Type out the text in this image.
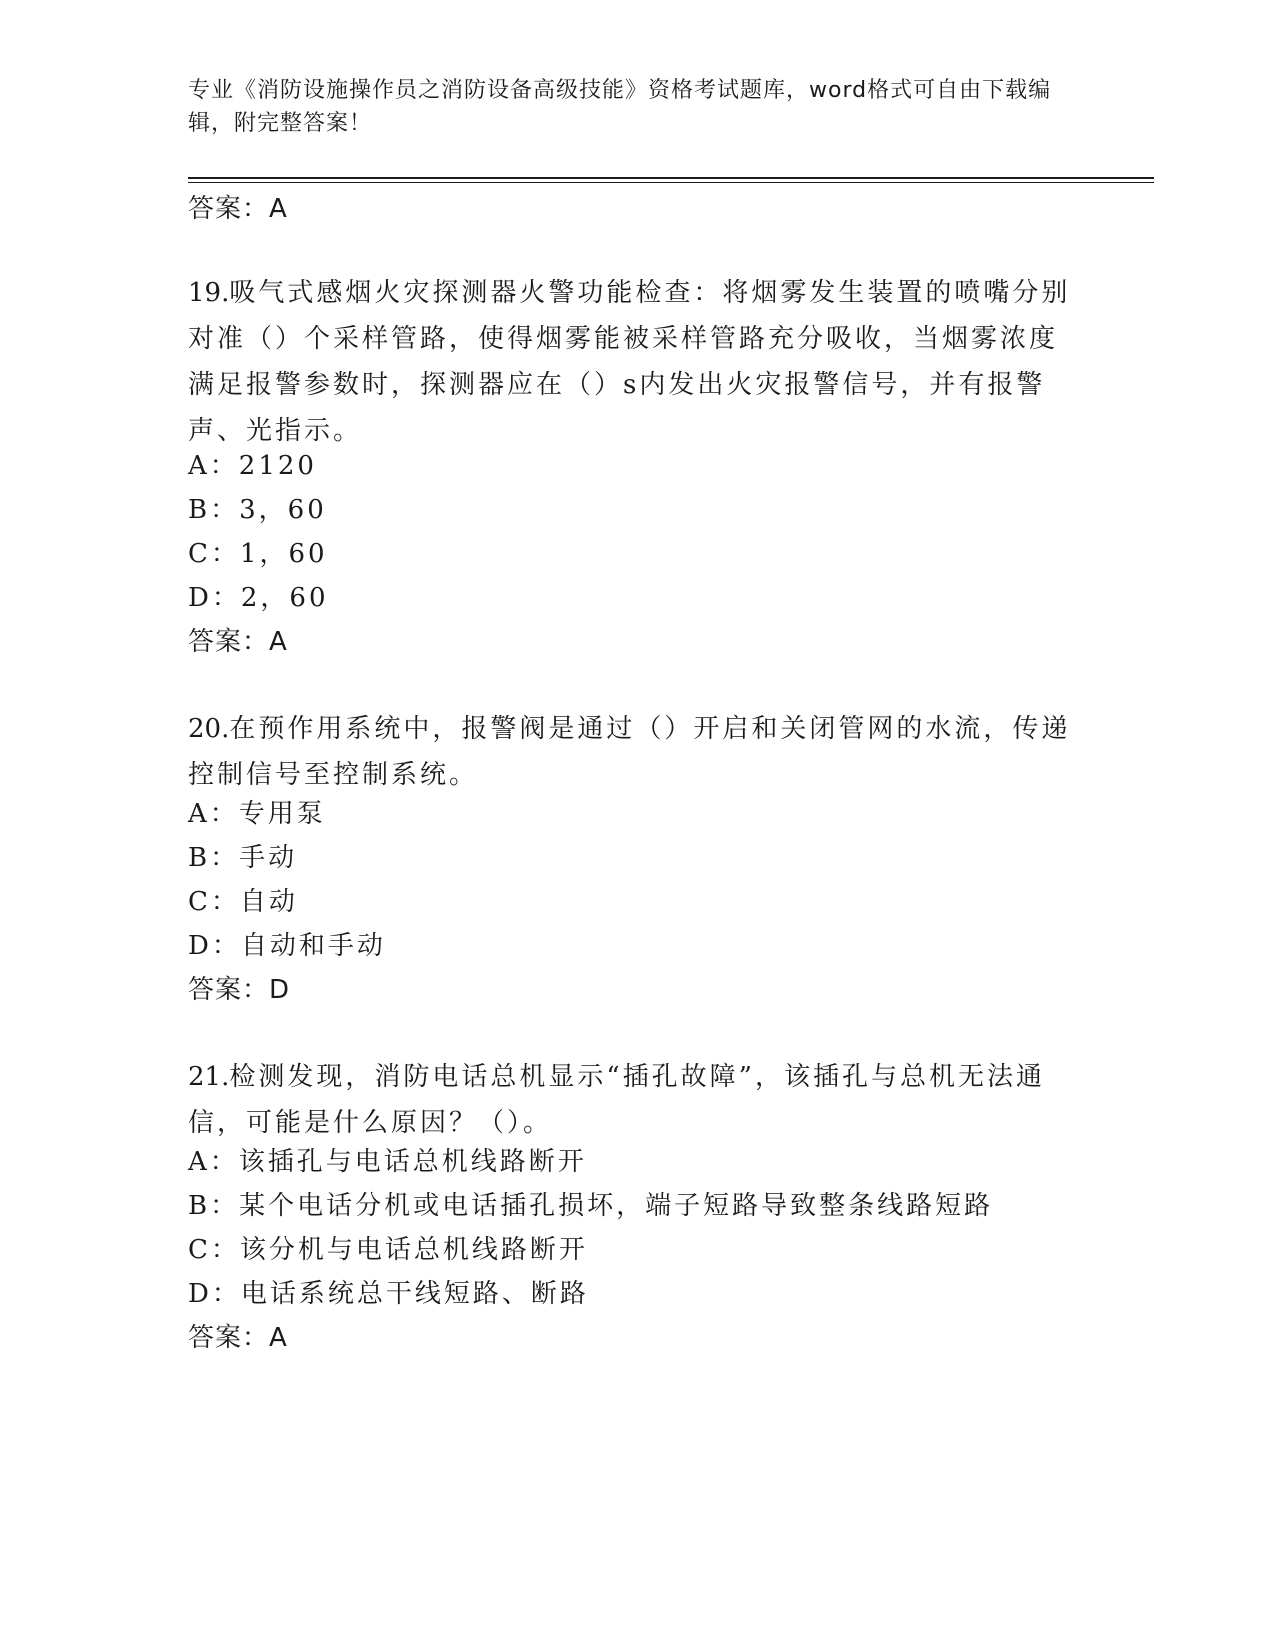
专业《消防设施操作员之消防设备高级技能》资格考试题库，word格式可自由下载编辑，附完整答案！
答案：A
19.吸气式感烟火灾探测器火警功能检查：将烟雾发生装置的喷嘴分别对准（）个采样管路，使得烟雾能被采样管路充分吸收，当烟雾浓度满足报警参数时，探测器应在（）s内发出火灾报警信号，并有报警声、光指示。
A：2120
B：3，60
C：1，60
D：2，60
答案：A
20.在预作用系统中，报警阀是通过（）开启和关闭管网的水流，传递控制信号至控制系统。
A：专用泵
B：手动
C：自动
D：自动和手动
答案：D
21.检测发现，消防电话总机显示“插孔故障”，该插孔与总机无法通信，可能是什么原因？（）。
A：该插孔与电话总机线路断开
B：某个电话分机或电话插孔损坏，端子短路导致整条线路短路
C：该分机与电话总机线路断开
D：电话系统总干线短路、断路
答案：A
